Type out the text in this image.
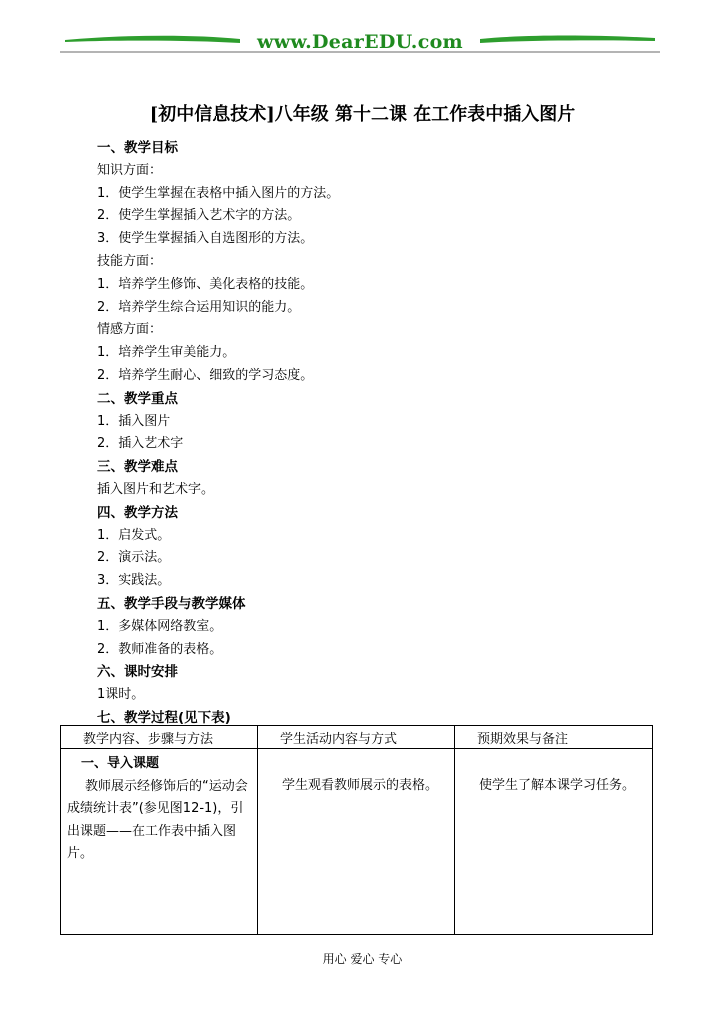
www.DearEDU.com
[初中信息技术]八年级 第十二课 在工作表中插入图片
一、教学目标
知识方面：
1．使学生掌握在表格中插入图片的方法。
2．使学生掌握插入艺术字的方法。
3．使学生掌握插入自选图形的方法。
技能方面：
1．培养学生修饰、美化表格的技能。
2．培养学生综合运用知识的能力。
情感方面：
1．培养学生审美能力。
2．培养学生耐心、细致的学习态度。
二、教学重点
1．插入图片
2．插入艺术字
三、教学难点
插入图片和艺术字。
四、教学方法
1．启发式。
2．演示法。
3．实践法。
五、教学手段与教学媒体
1．多媒体网络教室。
2．教师准备的表格。
六、课时安排
1课时。
七、教学过程(见下表)
教学内容、步骤与方法	学生活动内容与方式	预期效果与备注

一、导入课题
教师展示经修饰后的“运动会成绩统计表”(参见图12-1)，引出课题——在工作表中插入图片。	学生观看教师展示的表格。	使学生了解本课学习任务。
用心 爱心 专心
